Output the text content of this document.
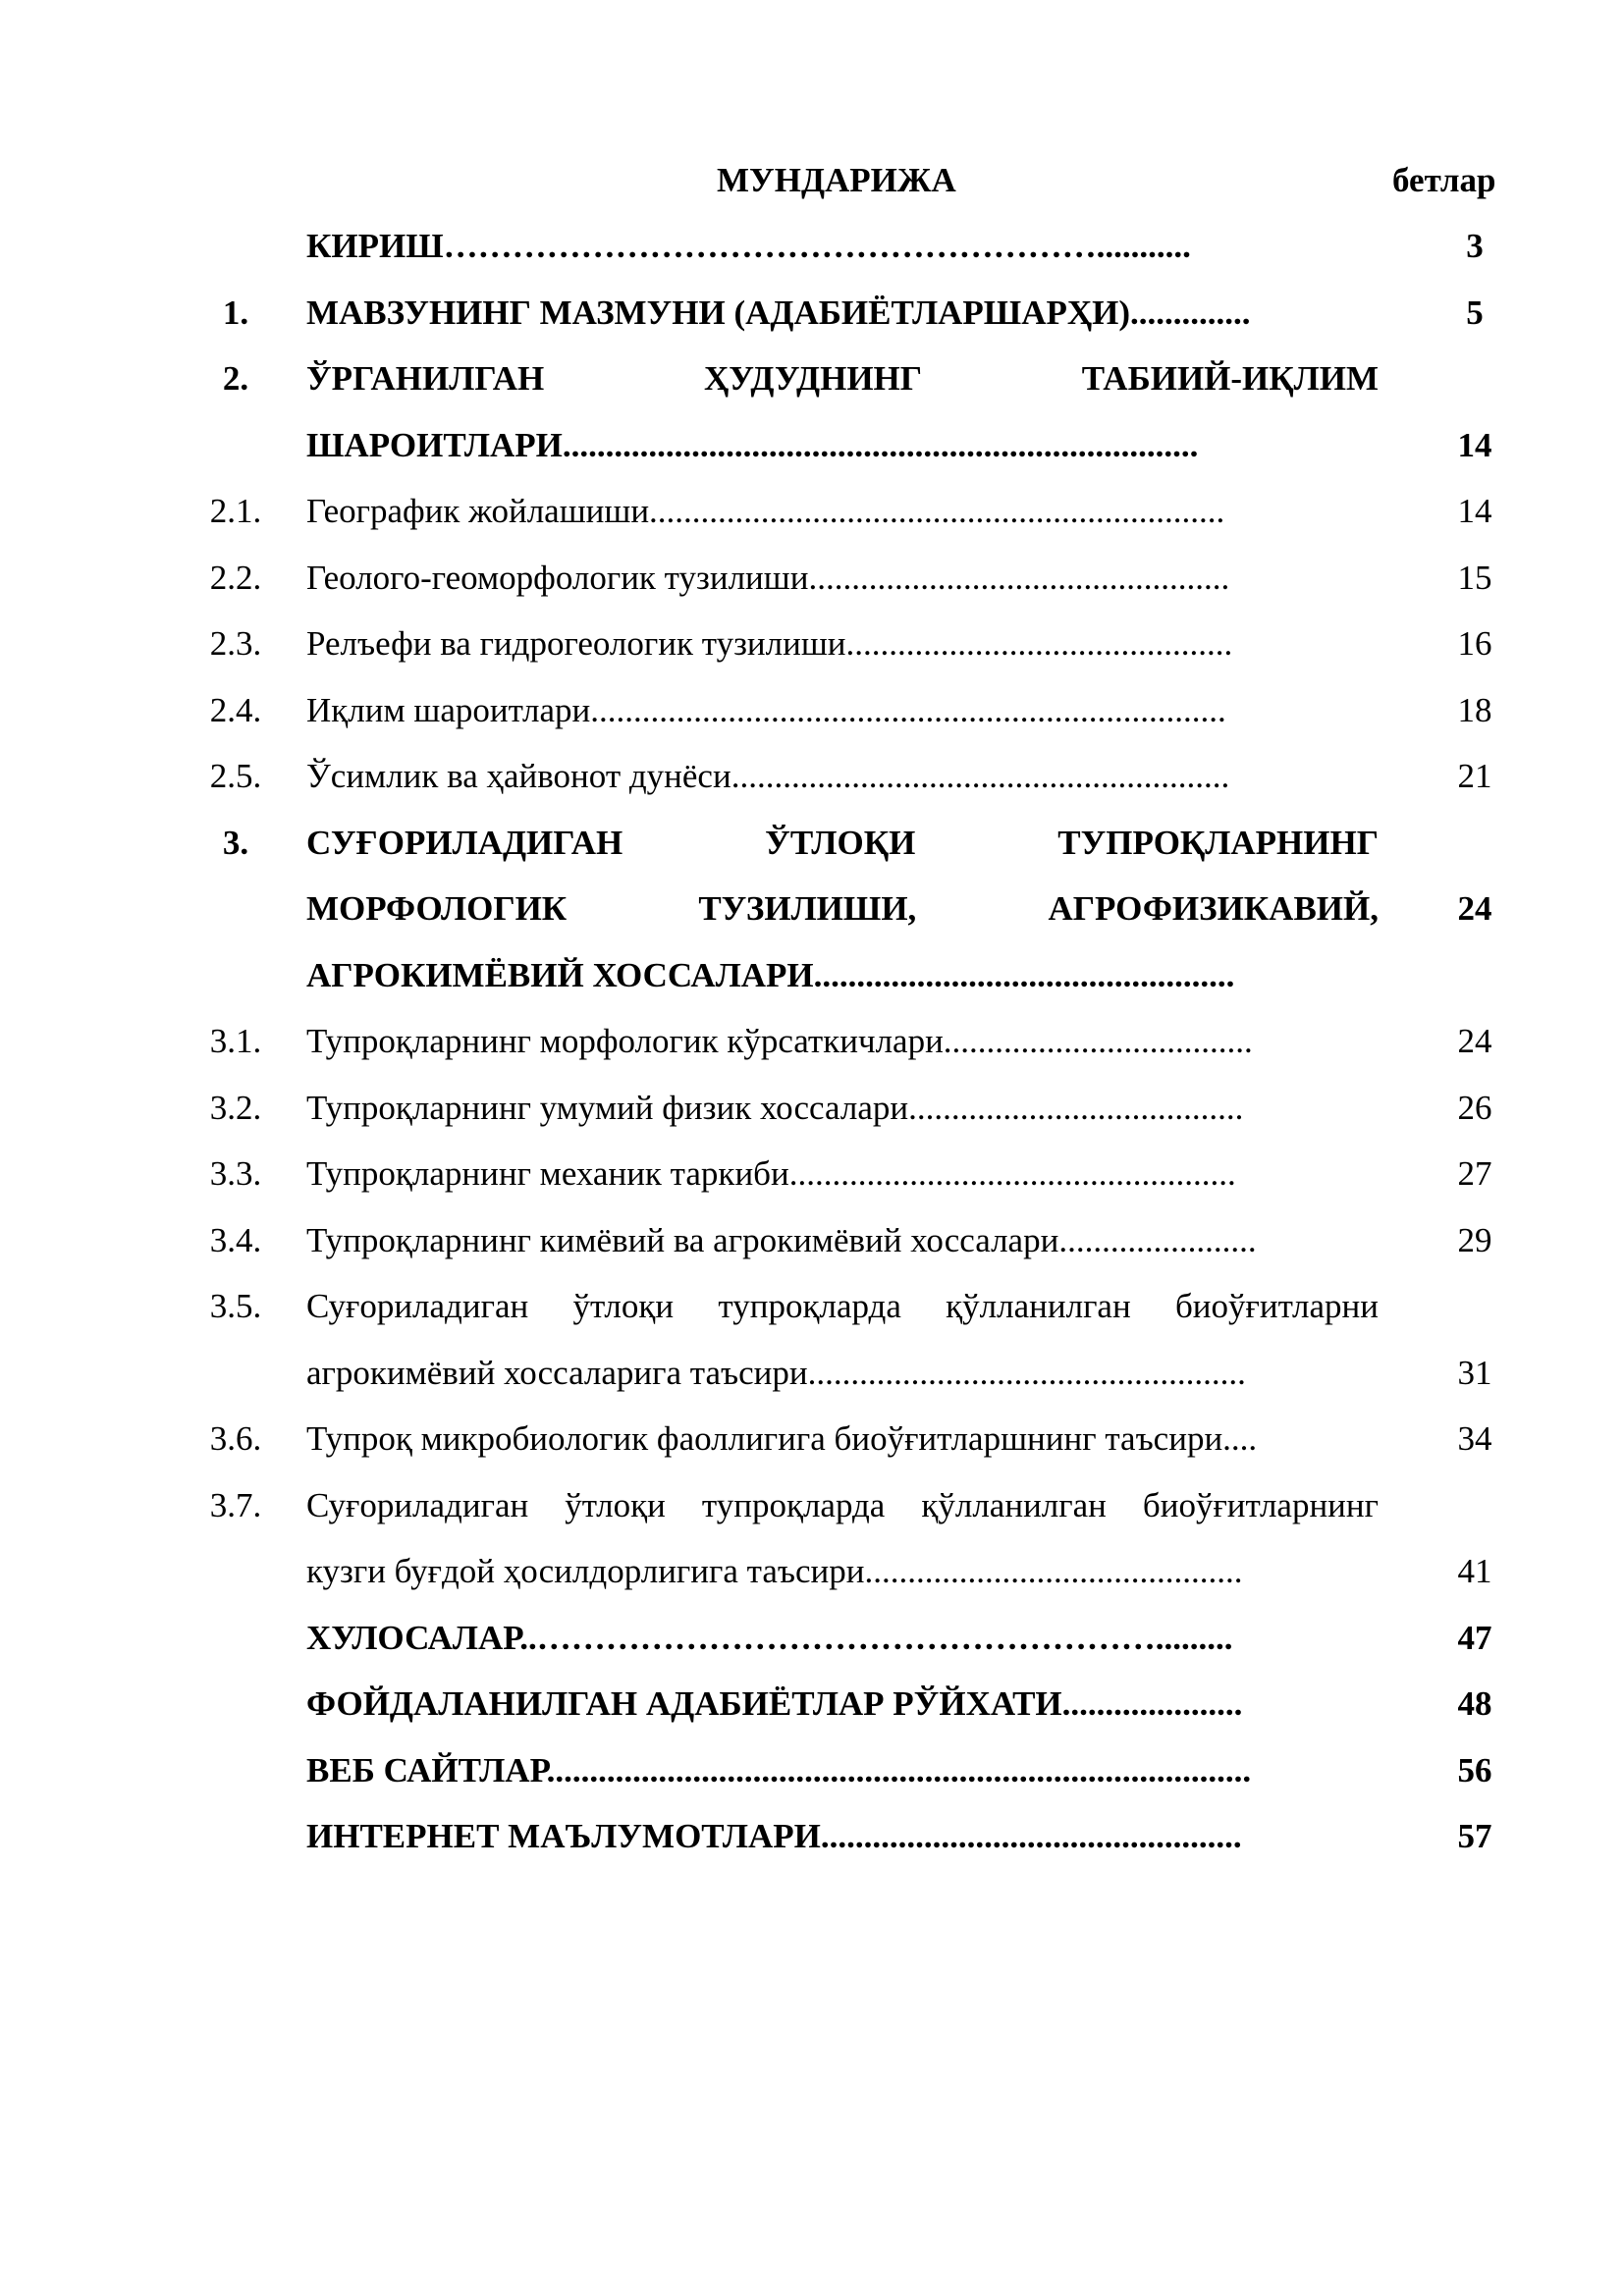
МУНДАРИЖА	бетлар
КИРИШ…………………………………………………...........	3
1.	МАВЗУНИНГ МАЗМУНИ (АДАБИЁТЛАРШАРҲИ)..............	5
2.	ЎРГАНИЛГАН ҲУДУДНИНГ ТАБИИЙ-ИҚЛИМ
ШАРОИТЛАРИ..........................................................................	14
2.1. Географик жойлашиши...................................................................	14
2.2. Геолого-геоморфологик тузилиши.................................................	15
2.3. Релъефи ва гидрогеологик тузилиши.............................................	16
2.4. Иқлим шароитлари..........................................................................	18
2.5. Ўсимлик ва ҳайвонот дунёси..........................................................	21
3.	СУҒОРИЛАДИГАН ЎТЛОҚИ ТУПРОҚЛАРНИНГ
МОРФОЛОГИК ТУЗИЛИШИ, АГРОФИЗИКАВИЙ,	24
АГРОКИМЁВИЙ ХОССАЛАРИ.................................................
3.1. Тупроқларнинг морфологик кўрсаткичлари....................................	24
3.2. Тупроқларнинг умумий физик хоссалари.......................................	26
3.3. Тупроқларнинг механик таркиби....................................................	27
3.4. Тупроқларнинг кимёвий ва агрокимёвий хоссалари.......................	29
3.5. Суғориладиган ўтлоқи тупроқларда қўлланилган биоўғитларни
агрокимёвий хоссаларига таъсири...................................................	31
3.6. Тупроқ микробиологик фаоллигига биоўғитларшнинг таъсири....	34
3.7. Суғориладиган ўтлоқи тупроқларда қўлланилган биоўғитларнинг
кузги буғдой ҳосилдорлигига таъсири............................................	41
ХУЛОСАЛАР..……………………………………………….........	47
ФОЙДАЛАНИЛГАН АДАБИЁТЛАР РЎЙХАТИ.....................	48
ВЕБ САЙТЛАР..................................................................................	56
ИНТЕРНЕТ МАЪЛУМОТЛАРИ.................................................	57
